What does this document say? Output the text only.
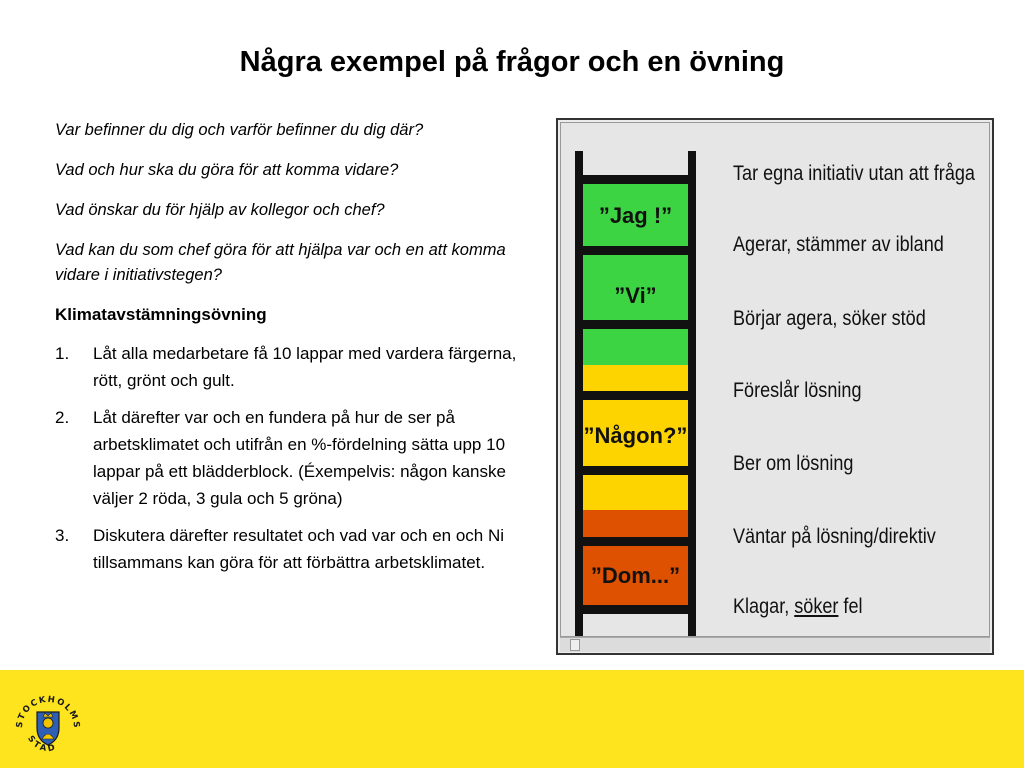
Några exempel på frågor och en övning

Var befinner du dig och varför befinner du dig där?

Vad och hur ska du göra för att komma vidare?

Vad önskar du för hjälp av kollegor och chef?

Vad kan du som chef göra för att hjälpa var och en att komma vidare i initiativstegen?

Klimatavstämningsövning

1.	Låt alla medarbetare få 10 lappar med vardera färgerna, rött, grönt och gult.
2.	Låt därefter var och en fundera på hur de ser på arbetsklimatet och utifrån en %-fördelning sätta upp 10 lappar på ett blädderblock. (Éxempelvis: någon kanske väljer 2 röda, 3 gula och 5 gröna)
3.	Diskutera därefter resultatet och vad var och en och Ni tillsammans kan göra för att förbättra arbetsklimatet.
”Jag !”
”Vi”
”Någon?”
”Dom...”
Tar egna initiativ utan att fråga
Agerar, stämmer av ibland
Börjar agera, söker stöd
Föreslår lösning
Ber om lösning
Väntar på lösning/direktiv
Klagar, söker fel
STOCKHOLMS
STAD
